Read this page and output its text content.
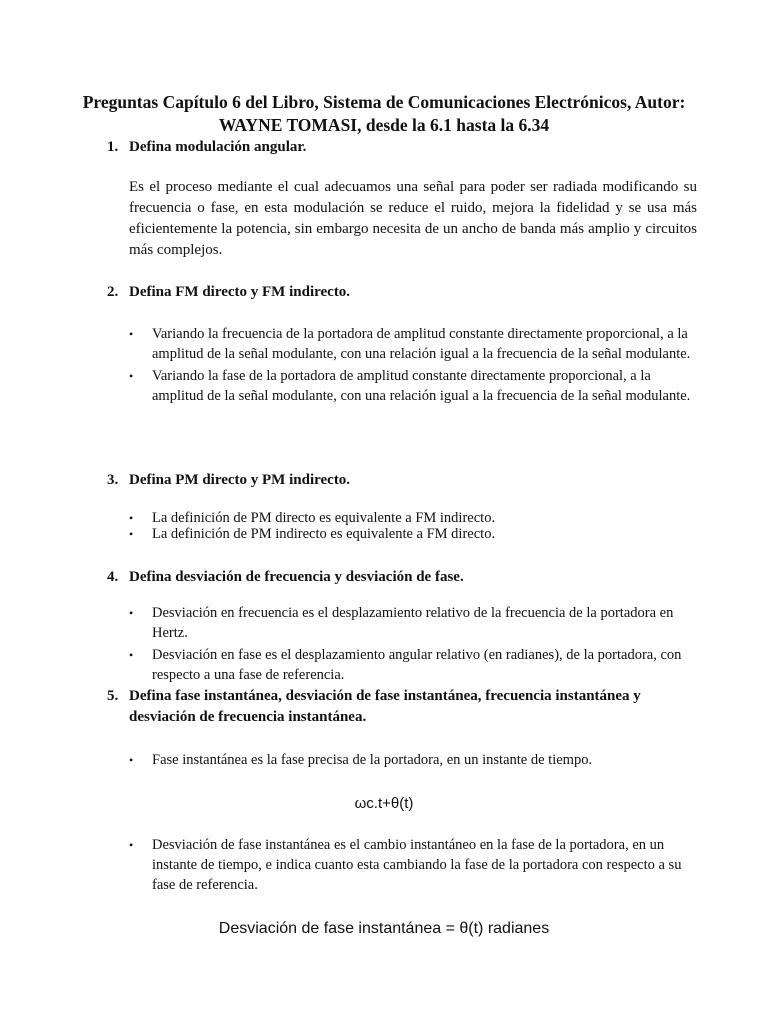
Preguntas Capítulo 6 del Libro, Sistema de Comunicaciones Electrónicos, Autor: WAYNE TOMASI, desde la 6.1 hasta la 6.34

1. Defina modulación angular.

Es el proceso mediante el cual adecuamos una señal para poder ser radiada modificando su frecuencia o fase, en esta modulación se reduce el ruido, mejora la fidelidad y se usa más eficientemente la potencia, sin embargo necesita de un ancho de banda más amplio y circuitos más complejos.

2. Defina FM directo y FM indirecto.

• Variando la frecuencia de la portadora de amplitud constante directamente proporcional, a la amplitud de la señal modulante, con una relación igual a la frecuencia de la señal modulante.
• Variando la fase de la portadora de amplitud constante directamente proporcional, a la amplitud de la señal modulante, con una relación igual a la frecuencia de la señal modulante.

3. Defina PM directo y PM indirecto.

• La definición de PM directo es equivalente a FM indirecto.
• La definición de PM indirecto es equivalente a FM directo.

4. Defina desviación de frecuencia y desviación de fase.

• Desviación en frecuencia es el desplazamiento relativo de la frecuencia de la portadora en Hertz.
• Desviación en fase es el desplazamiento angular relativo (en radianes), de la portadora, con respecto a una fase de referencia.

5. Defina fase instantánea, desviación de fase instantánea, frecuencia instantánea y desviación de frecuencia instantánea.

• Fase instantánea es la fase precisa de la portadora, en un instante de tiempo.

ωc.t+θ(t)

• Desviación de fase instantánea es el cambio instantáneo en la fase de la portadora, en un instante de tiempo, e indica cuanto esta cambiando la fase de la portadora con respecto a su fase de referencia.

Desviación de fase instantánea = θ(t) radianes
